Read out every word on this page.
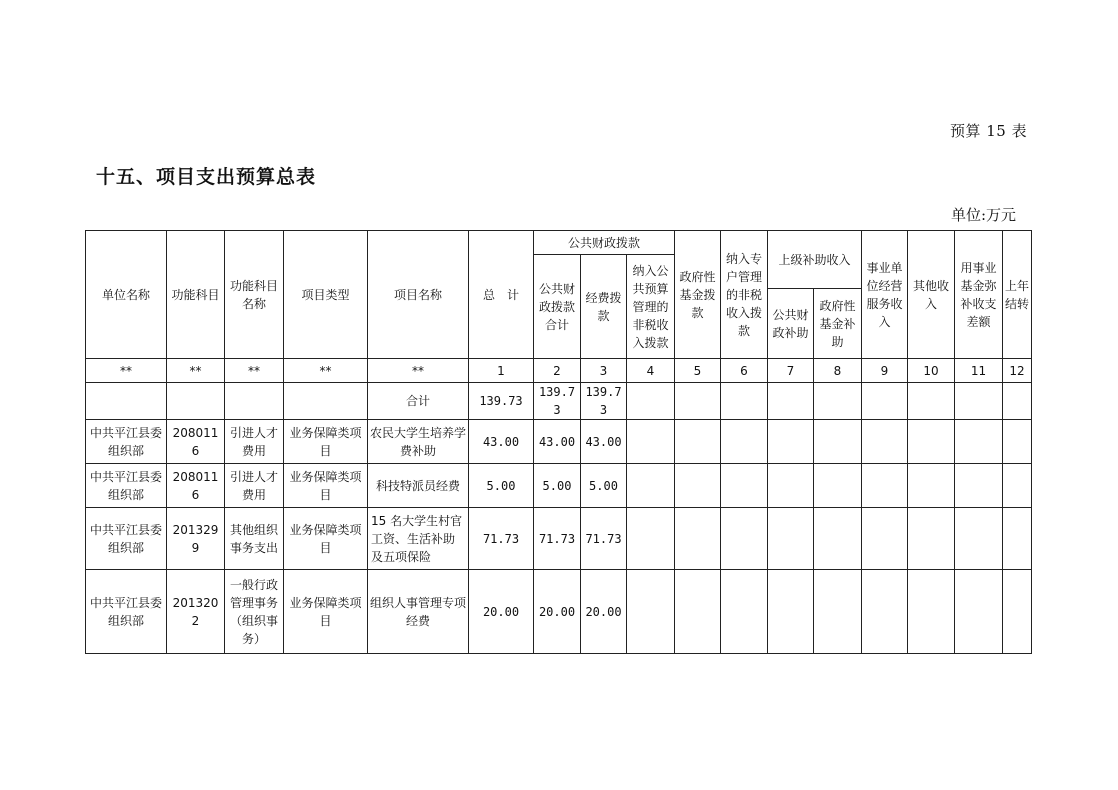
预算 15 表
十五、项目支出预算总表
单位:万元
单位名称	功能科目	功能科目名称	项目类型	项目名称	总　计	公共财政拨款			政府性基金拨款	纳入专户管理的非税收入拨款	上级补助收入		事业单位经营服务收入	其他收入	用事业基金弥补收支差额	上年结转
						公共财政拨款合计	经费拨款	纳入公共预算管理的非税收入拨款								
											公共财政补助	政府性基金补助				
**	**	**	**	**	1	2	3	4	5	6	7	8	9	10	11	12
				合计	139.73	139.73	139.73									
中共平江县委组织部	2080116	引进人才费用	业务保障类项目	农民大学生培养学费补助	43.00	43.00	43.00									
中共平江县委组织部	2080116	引进人才费用	业务保障类项目	科技特派员经费	5.00	5.00	5.00									
中共平江县委组织部	2013299	其他组织事务支出	业务保障类项目	15 名大学生村官工资、生活补助及五项保险	71.73	71.73	71.73									
中共平江县委组织部	2013202	一般行政管理事务（组织事务）	业务保障类项目	组织人事管理专项经费	20.00	20.00	20.00									
